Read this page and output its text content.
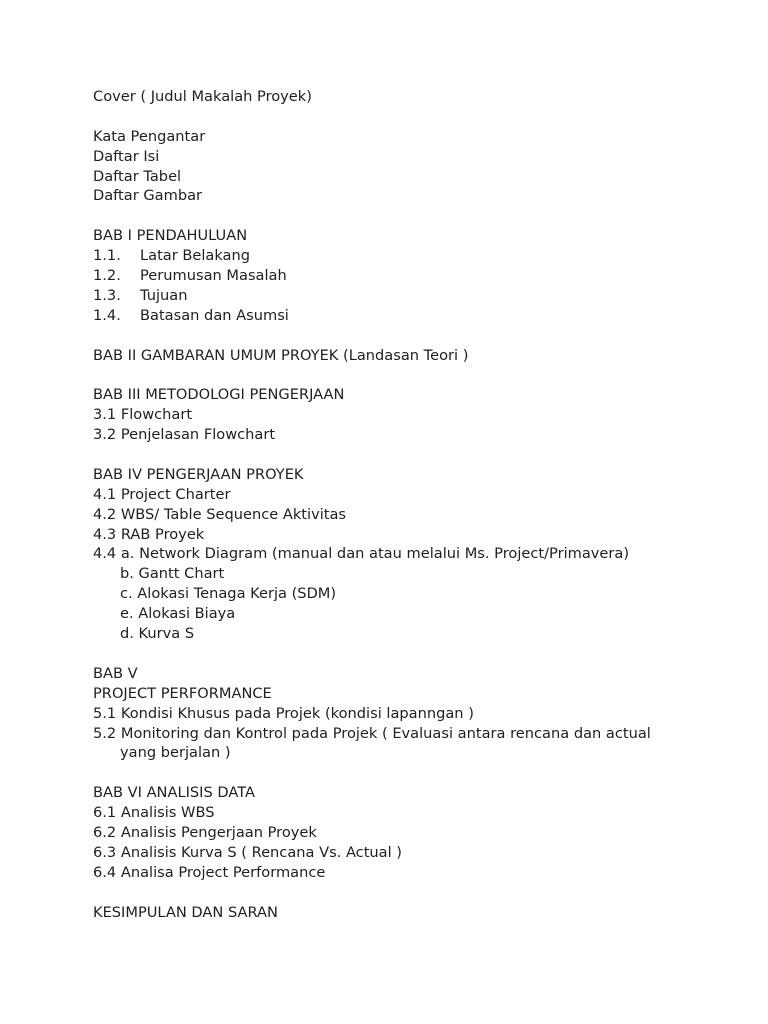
Cover ( Judul Makalah Proyek)
Kata Pengantar
Daftar Isi
Daftar Tabel
Daftar Gambar
BAB I PENDAHULUAN
1.1. Latar Belakang
1.2. Perumusan Masalah
1.3. Tujuan
1.4. Batasan dan Asumsi
BAB II GAMBARAN UMUM PROYEK (Landasan Teori )
BAB III METODOLOGI PENGERJAAN
3.1 Flowchart
3.2 Penjelasan Flowchart
BAB IV PENGERJAAN PROYEK
4.1 Project Charter
4.2 WBS/ Table Sequence Aktivitas
4.3 RAB Proyek
4.4 a. Network Diagram (manual dan atau melalui Ms. Project/Primavera)
b. Gantt Chart
c. Alokasi Tenaga Kerja (SDM)
e. Alokasi Biaya
d. Kurva S
BAB V
PROJECT PERFORMANCE
5.1 Kondisi Khusus pada Projek (kondisi lapanngan )
5.2 Monitoring dan Kontrol pada Projek ( Evaluasi antara rencana dan actual
yang berjalan )
BAB VI ANALISIS DATA
6.1 Analisis WBS
6.2 Analisis Pengerjaan Proyek
6.3 Analisis Kurva S ( Rencana Vs. Actual )
6.4 Analisa Project Performance
KESIMPULAN DAN SARAN
